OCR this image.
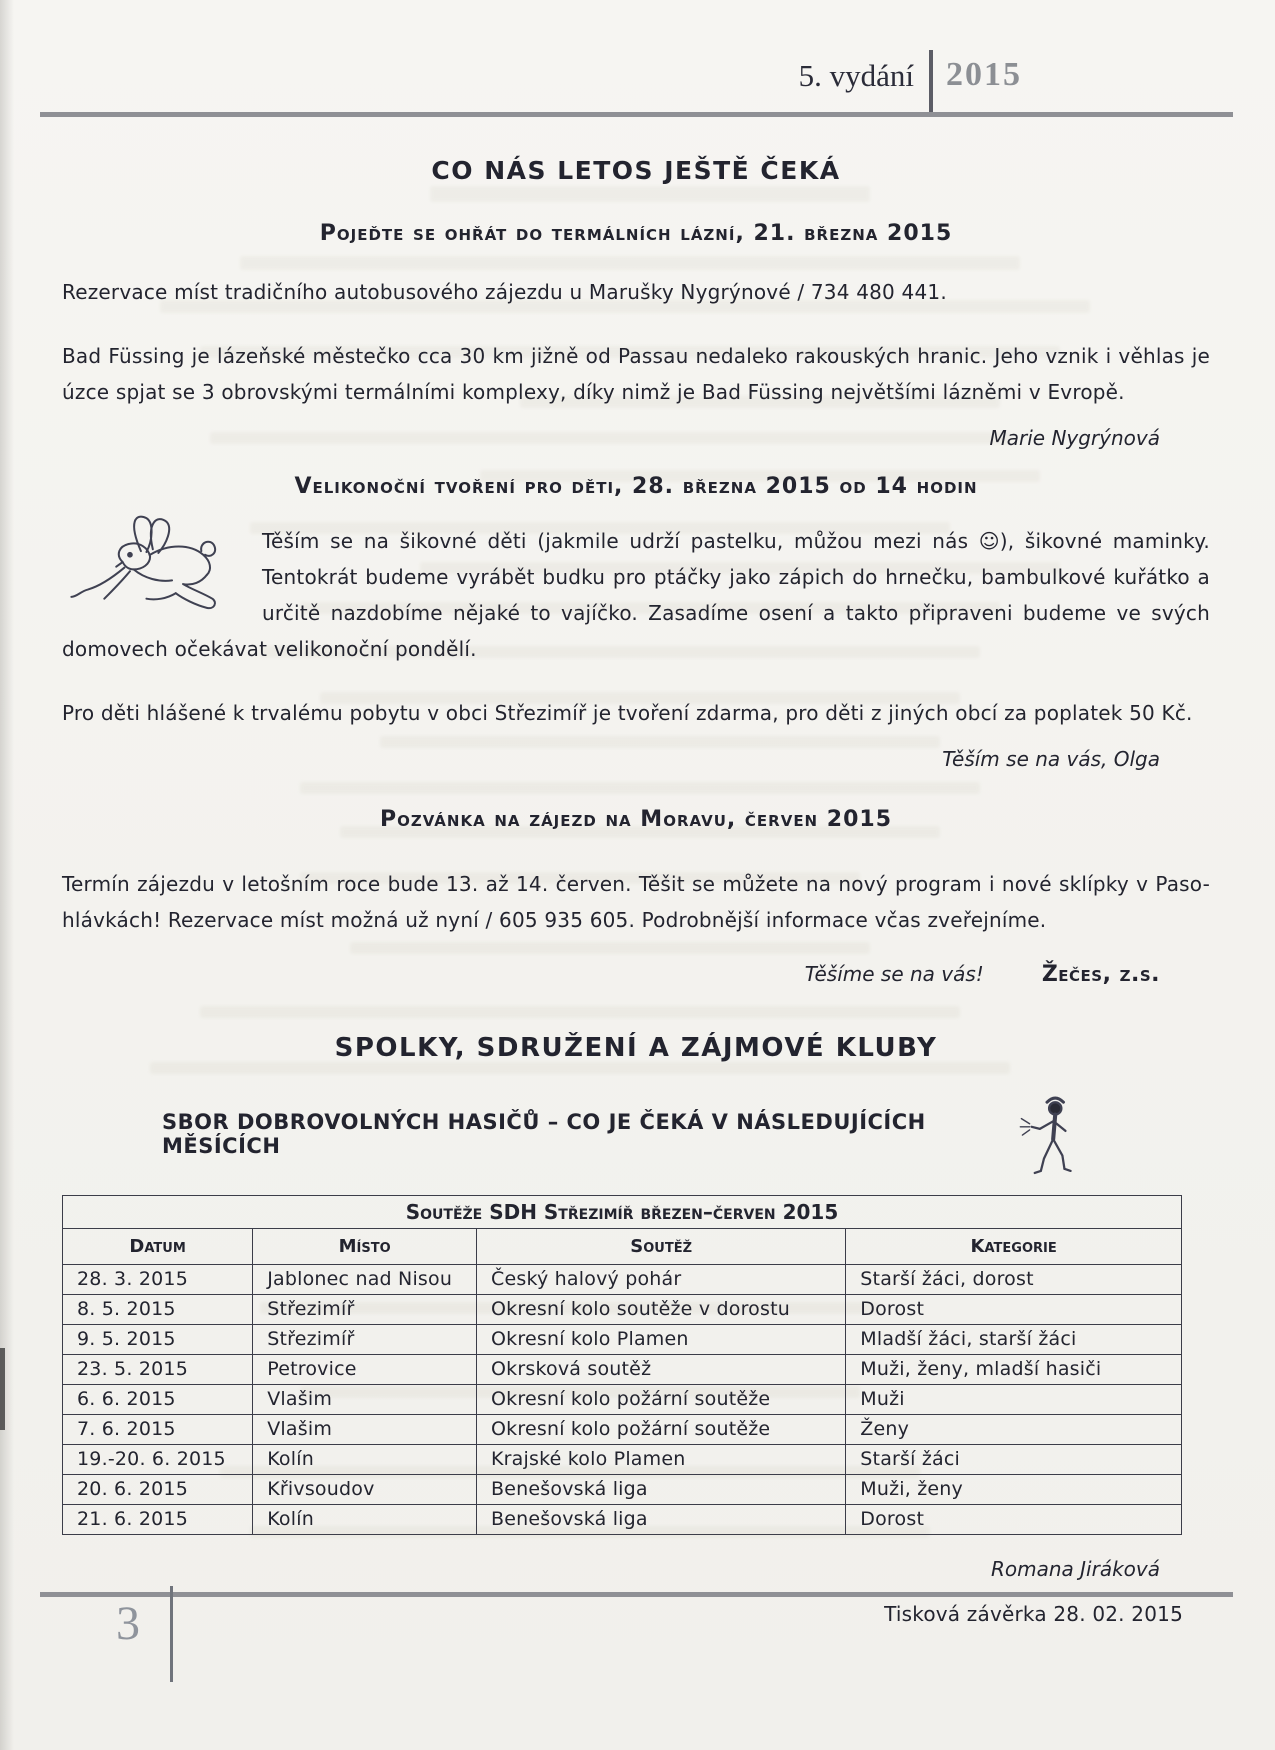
5. vydání 2015
CO NÁS LETOS JEŠTĚ ČEKÁ
Pojeďte se ohřát do termálních lázní, 21. března 2015

Rezervace míst tradičního autobusového zájezdu u Marušky Nygrýnové / 734 480 441.

Bad Füssing je lázeňské městečko cca 30 km jižně od Passau nedaleko rakouských hranic. Jeho vznik i věhlas je úzce spjat se 3 obrovskými termálními komplexy, díky nimž je Bad Füssing největšími lázněmi v Evropě.

Marie Nygrýnová
Velikonoční tvoření pro děti, 28. března 2015 od 14 hodin

Těším se na šikovné děti (jakmile udrží pastelku, můžou mezi nás ☺), šikovné maminky. Tentokrát budeme vyrábět budku pro ptáčky jako zápich do hrnečku, bambulkové kuřátko a určitě nazdobíme nějaké to vajíčko. Zasadíme osení a takto připraveni budeme ve svých domovech očekávat velikonoční pondělí.

Pro děti hlášené k trvalému pobytu v obci Střezimíř je tvoření zdarma, pro děti z jiných obcí za poplatek 50 Kč.

Těším se na vás, Olga
Pozvánka na zájezd na Moravu, červen 2015

Termín zájezdu v letošním roce bude 13. až 14. červen. Těšit se můžete na nový program i nové sklípky v Paso-hlávkách! Rezervace míst možná už nyní / 605 935 605. Podrobnější informace včas zveřejníme.

Těšíme se na vás!	Žečes, z.s.
SPOLKY, SDRUŽENÍ A ZÁJMOVÉ KLUBY
SBOR DOBROVOLNÝCH HASIČŮ – CO JE ČEKÁ V NÁSLEDUJÍCÍCH MĚSÍCÍCH
Soutěže SDH Střezimíř březen–červen 2015			
Datum	Místo	Soutěž	Kategorie
28. 3. 2015	Jablonec nad Nisou	Český halový pohár	Starší žáci, dorost
8. 5. 2015	Střezimíř	Okresní kolo soutěže v dorostu	Dorost
9. 5. 2015	Střezimíř	Okresní kolo Plamen	Mladší žáci, starší žáci
23. 5. 2015	Petrovice	Okrsková soutěž	Muži, ženy, mladší hasiči
6. 6. 2015	Vlašim	Okresní kolo požární soutěže	Muži
7. 6. 2015	Vlašim	Okresní kolo požární soutěže	Ženy
19.-20. 6. 2015	Kolín	Krajské kolo Plamen	Starší žáci
20. 6. 2015	Křivsoudov	Benešovská liga	Muži, ženy
21. 6. 2015	Kolín	Benešovská liga	Dorost
Romana Jiráková
3	Tisková závěrka 28. 02. 2015
